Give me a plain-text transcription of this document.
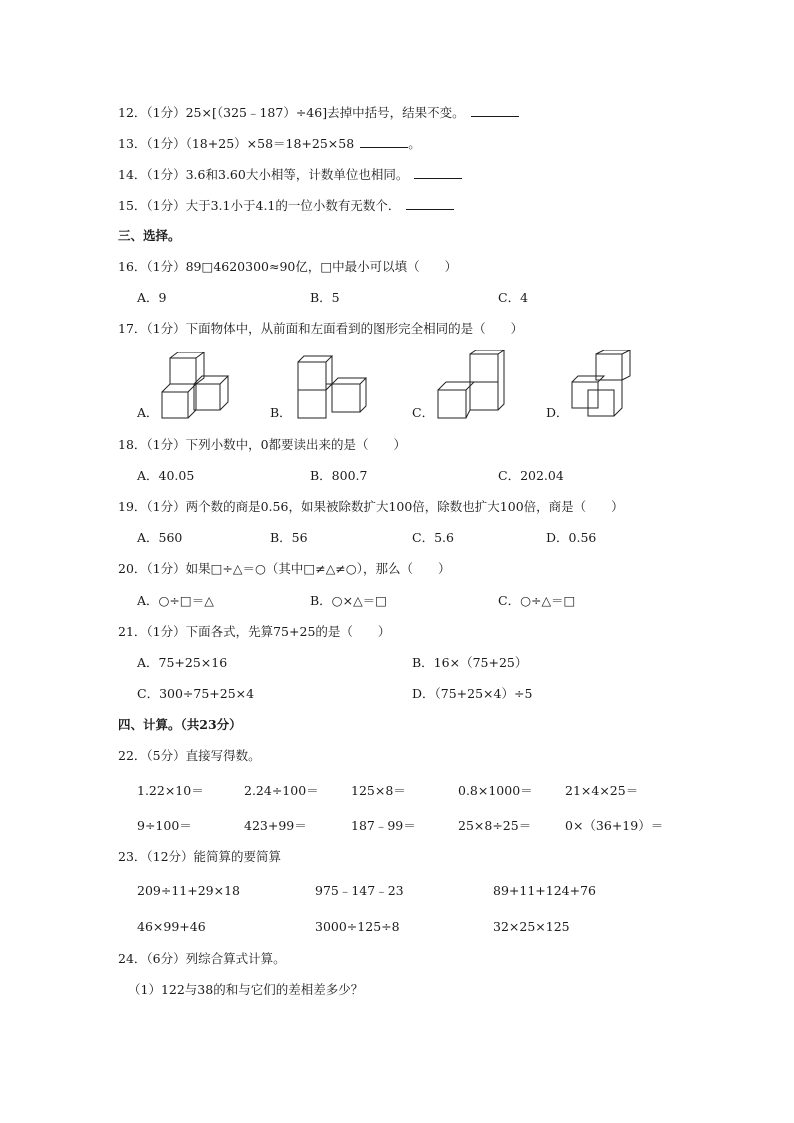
12．（1分）25×[（325﹣187）÷46]去掉中括号，结果不变。
13．（1分）（18+25）×58＝18+25×58	。
14．（1分）3.6和3.60大小相等，计数单位也相同。
15．（1分）大于3.1小于4.1的一位小数有无数个．
三、选择。
16．（1分）89□4620300≈90亿，□中最小可以填（　　）
A．9	B．5	C．4
17．（1分）下面物体中，从前面和左面看到的图形完全相同的是（　　）
A．	B．	C．	D．
18．（1分）下列小数中，0都要读出来的是（　　）
A．40.05	B．800.7	C．202.04
19．（1分）两个数的商是0.56，如果被除数扩大100倍，除数也扩大100倍，商是（　　）
A．560	B．56	C．5.6	D．0.56
20．（1分）如果□÷△＝○（其中□≠△≠○），那么（　　）
A．○÷□＝△	B．○×△＝□	C．○÷△＝□
21．（1分）下面各式，先算75+25的是（　　）
A．75+25×16	B．16×（75+25）
C．300÷75+25×4	D．（75+25×4）÷5
四、计算。（共23分）
22．（5分）直接写得数。
1.22×10＝	2.24÷100＝	125×8＝	0.8×1000＝	21×4×25＝
9÷100＝	423+99＝	187﹣99＝	25×8÷25＝	0×（36+19）＝
23．（12分）能简算的要简算
209÷11+29×18	975﹣147﹣23	89+11+124+76
46×99+46	3000÷125÷8	32×25×125
24．（6分）列综合算式计算。
（1）122与38的和与它们的差相差多少？
